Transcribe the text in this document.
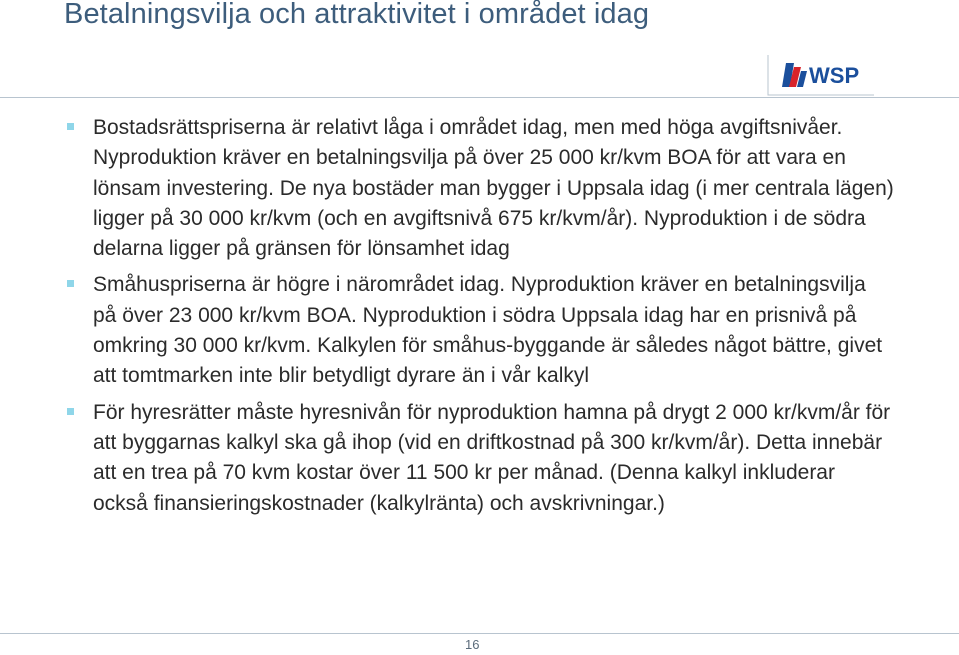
Betalningsvilja och attraktivitet i området idag
WSP
Bostadsrättspriserna är relativt låga i området idag, men med höga avgiftsnivåer. Nyproduktion kräver en betalningsvilja på över 25 000 kr/kvm BOA för att vara en lönsam investering. De nya bostäder man bygger i Uppsala idag (i mer centrala lägen) ligger på 30 000 kr/kvm (och en avgiftsnivå 675 kr/kvm/år). Nyproduktion i de södra delarna ligger på gränsen för lönsamhet idag
Småhuspriserna är högre i närområdet idag. Nyproduktion kräver en betalningsvilja på över 23 000 kr/kvm BOA. Nyproduktion i södra Uppsala idag har en prisnivå på omkring 30 000 kr/kvm. Kalkylen för småhus-byggande är således något bättre, givet att tomtmarken inte blir betydligt dyrare än i vår kalkyl
För hyresrätter måste hyresnivån för nyproduktion hamna på drygt 2 000 kr/kvm/år för att byggarnas kalkyl ska gå ihop (vid en driftkostnad på 300 kr/kvm/år). Detta innebär att en trea på 70 kvm kostar över 11 500 kr per månad. (Denna kalkyl inkluderar också finansieringskostnader (kalkylränta) och avskrivningar.)
16
